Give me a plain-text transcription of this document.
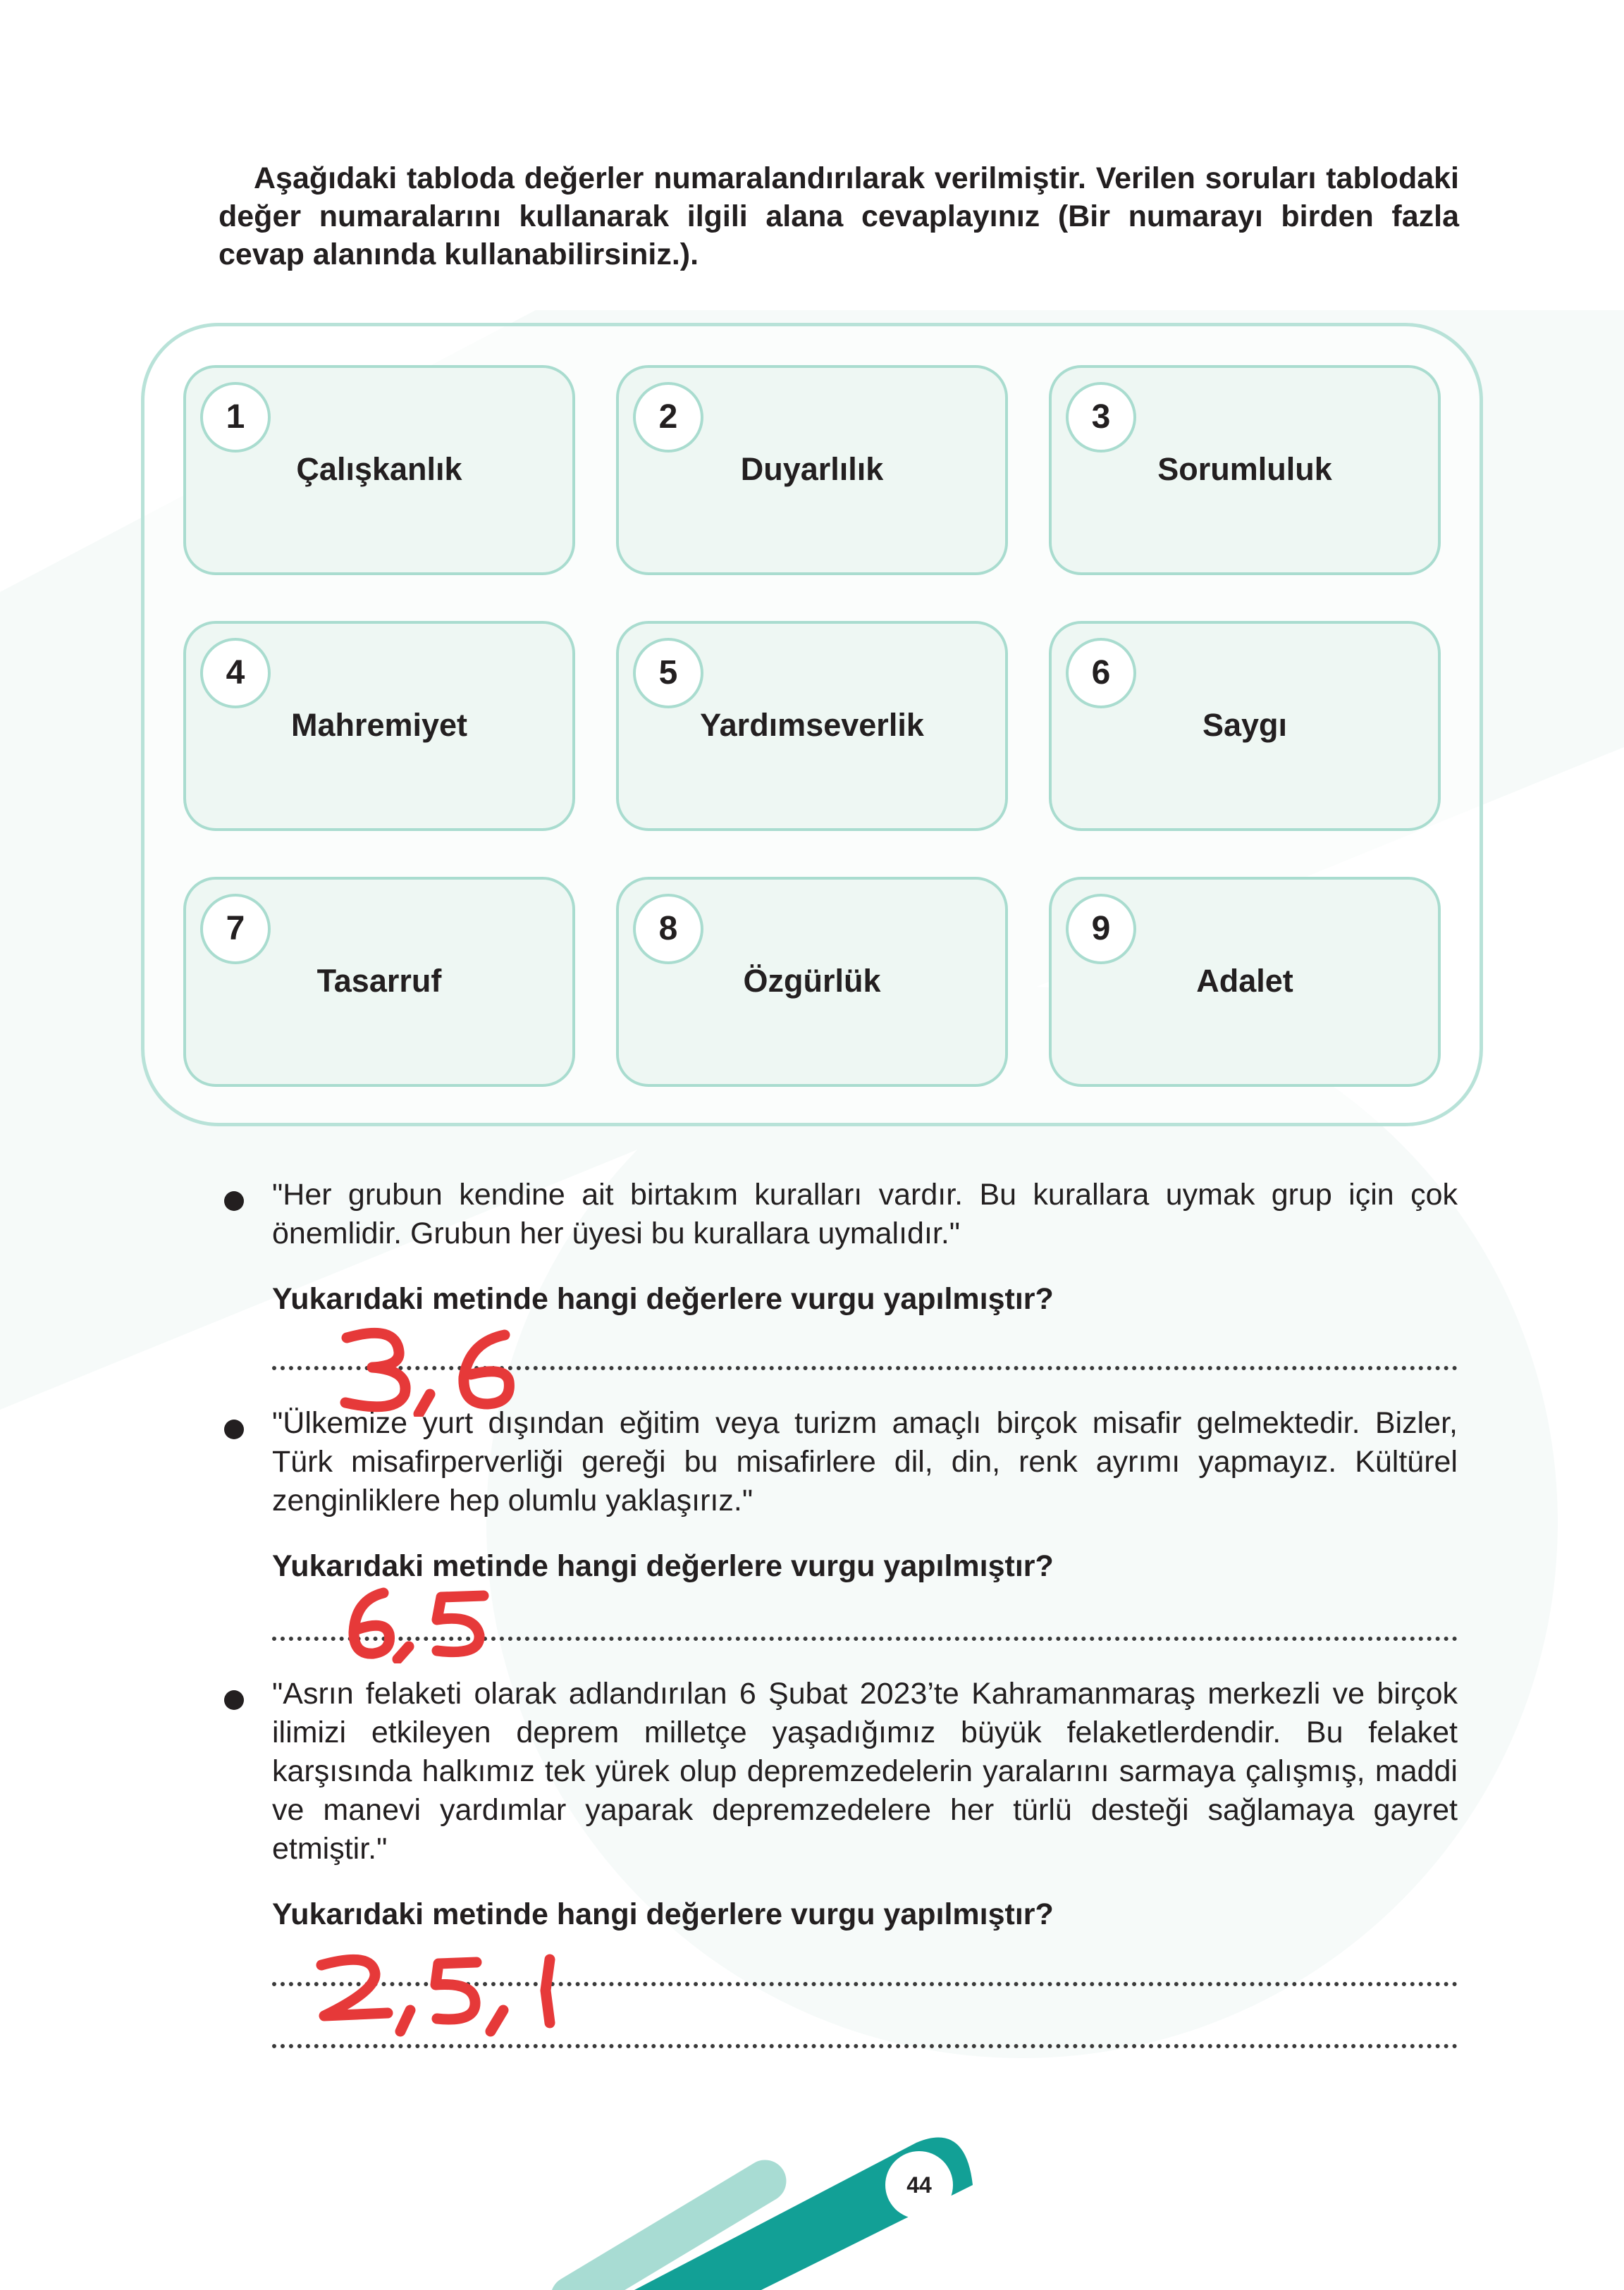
Aşağıdaki tabloda değerler numaralandırılarak verilmiştir. Verilen soruları tablodaki değer numaralarını kullanarak ilgili alana cevaplayınız (Bir numarayı birden fazla cevap alanında kullanabilirsiniz.).
1
Çalışkanlık
2
Duyarlılık
3
Sorumluluk
4
Mahremiyet
5
Yardımseverlik
6
Saygı
7
Tasarruf
8
Özgürlük
9
Adalet
"Her grubun kendine ait birtakım kuralları vardır. Bu kurallara uymak grup için çok önemlidir. Grubun her üyesi bu kurallara uymalıdır."
Yukarıdaki metinde hangi değerlere vurgu yapılmıştır?
"Ülkemize yurt dışından eğitim veya turizm amaçlı birçok misafir gelmektedir. Bizler, Türk misafirperverliği gereği bu misafirlere dil, din, renk ayrımı yapmayız. Kültürel zenginliklere hep olumlu yaklaşırız."
Yukarıdaki metinde hangi değerlere vurgu yapılmıştır?
"Asrın felaketi olarak adlandırılan 6 Şubat 2023’te Kahramanmaraş merkezli ve birçok ilimizi etkileyen deprem milletçe yaşadığımız büyük felaketlerdendir. Bu felaket karşısında halkımız tek yürek olup depremzedelerin yaralarını sarmaya çalışmış, maddi ve manevi yardımlar yaparak depremzedelere her türlü desteği sağlamaya gayret etmiştir."
Yukarıdaki metinde hangi değerlere vurgu yapılmıştır?
44
